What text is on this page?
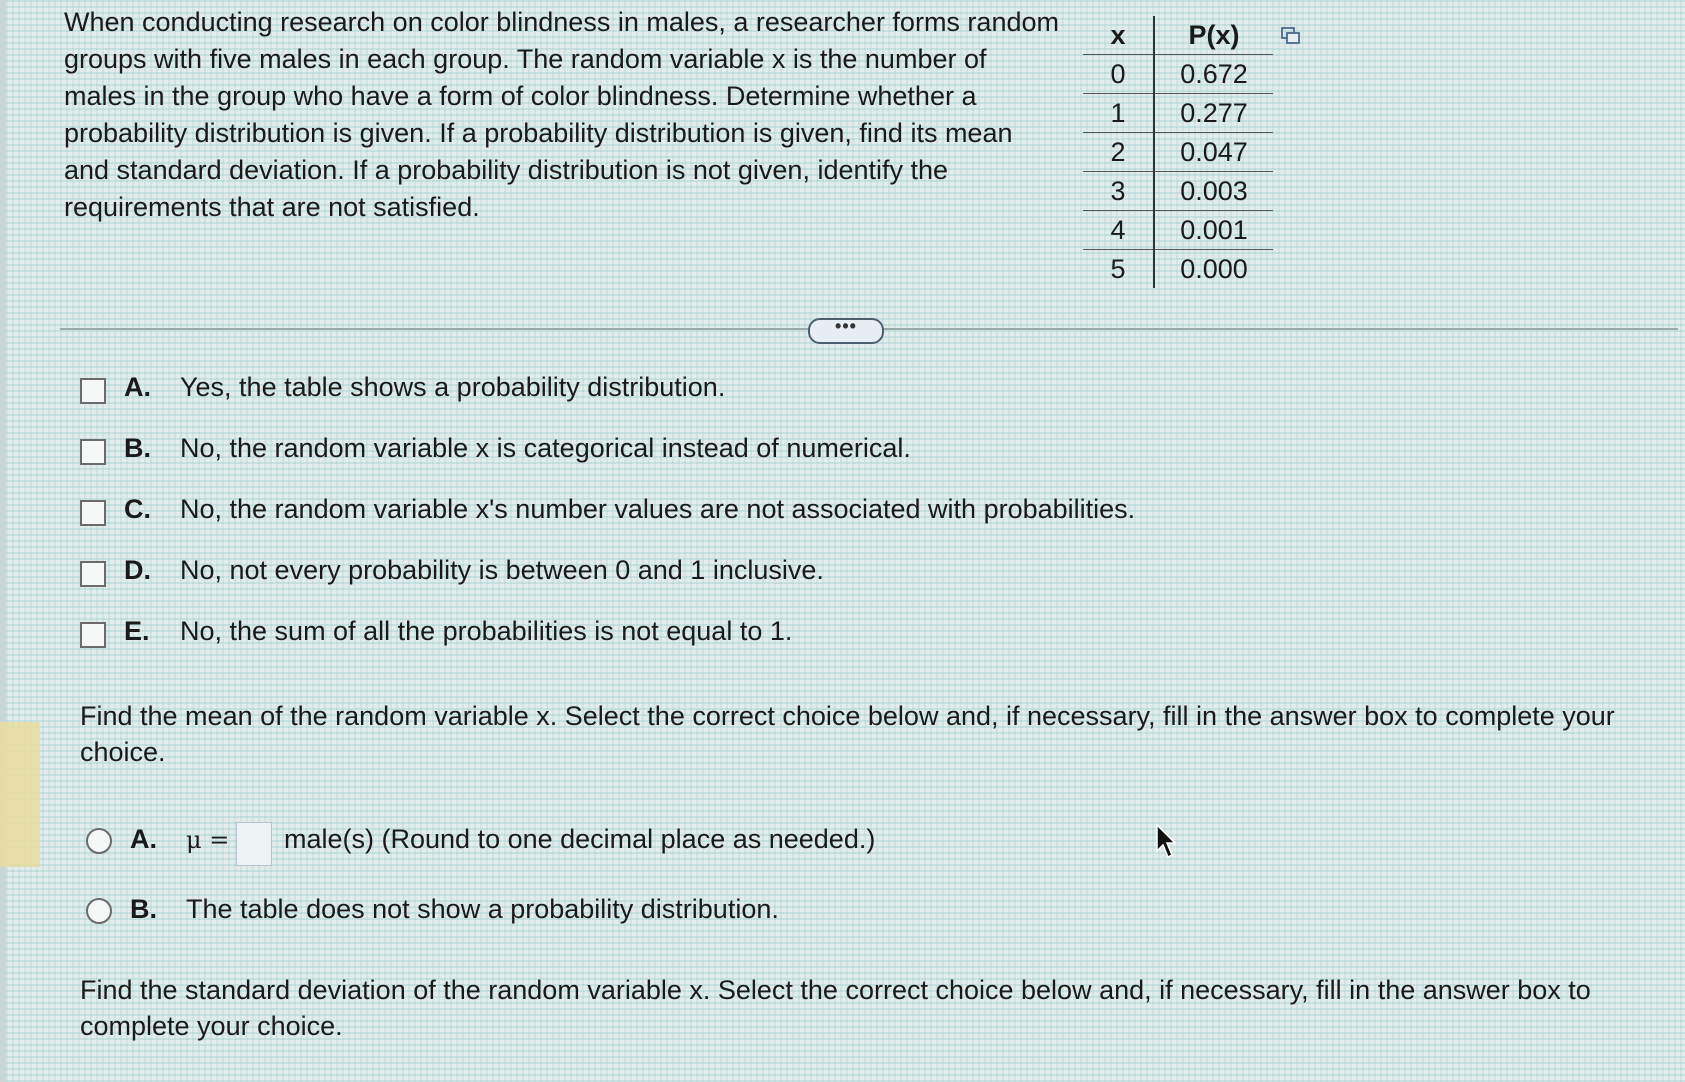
When conducting research on color blindness in males, a researcher forms random groups with five males in each group. The random variable x is the number of males in the group who have a form of color blindness. Determine whether a probability distribution is given. If a probability distribution is given, find its mean and standard deviation. If a probability distribution is not given, identify the requirements that are not satisfied.

x	P(x)
0	0.672
1	0.277
2	0.047
3	0.003
4	0.001
5	0.000
•••
A. Yes, the table shows a probability distribution.
B. No, the random variable x is categorical instead of numerical.
C. No, the random variable x's number values are not associated with probabilities.
D. No, not every probability is between 0 and 1 inclusive.
E. No, the sum of all the probabilities is not equal to 1.

Find the mean of the random variable x. Select the correct choice below and, if necessary, fill in the answer box to complete your choice.

A. μ = male(s) (Round to one decimal place as needed.)
B. The table does not show a probability distribution.

Find the standard deviation of the random variable x. Select the correct choice below and, if necessary, fill in the answer box to complete your choice.
